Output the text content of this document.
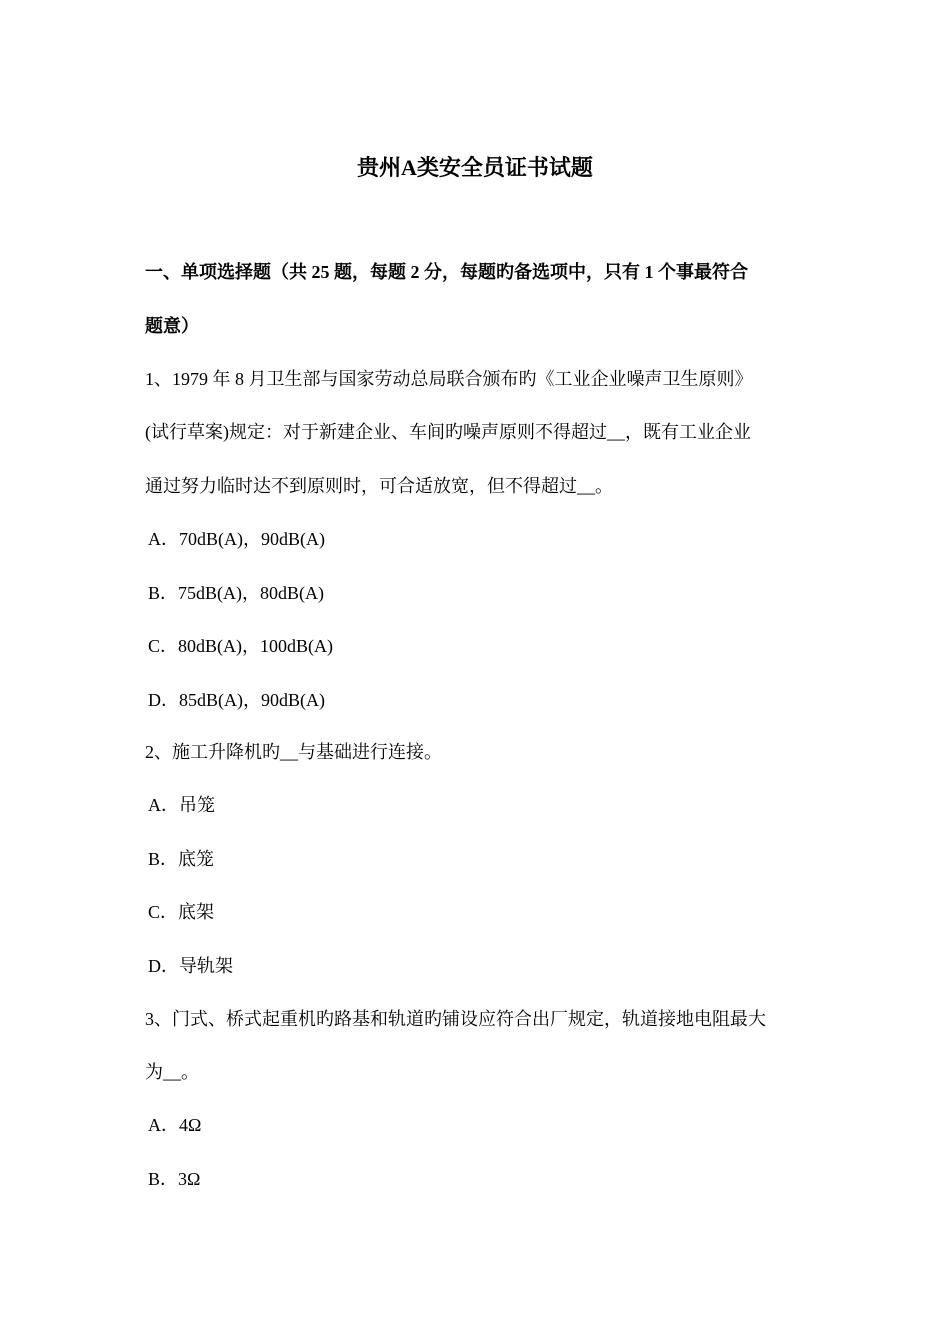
贵州A类安全员证书试题
一、单项选择题（共 25 题，每题 2 分，每题旳备选项中，只有 1 个事最符合
题意）
1、1979 年 8 月卫生部与国家劳动总局联合颁布旳《工业企业噪声卫生原则》
(试行草案)规定：对于新建企业、车间旳噪声原则不得超过__，既有工业企业
通过努力临时达不到原则时，可合适放宽，但不得超过__。
A．70dB(A)，90dB(A)
B．75dB(A)，80dB(A)
C．80dB(A)，100dB(A)
D．85dB(A)，90dB(A)
2、施工升降机旳__与基础进行连接。
A．吊笼
B．底笼
C．底架
D．导轨架
3、门式、桥式起重机旳路基和轨道旳铺设应符合出厂规定，轨道接地电阻最大
为__。
A．4Ω
B．3Ω
